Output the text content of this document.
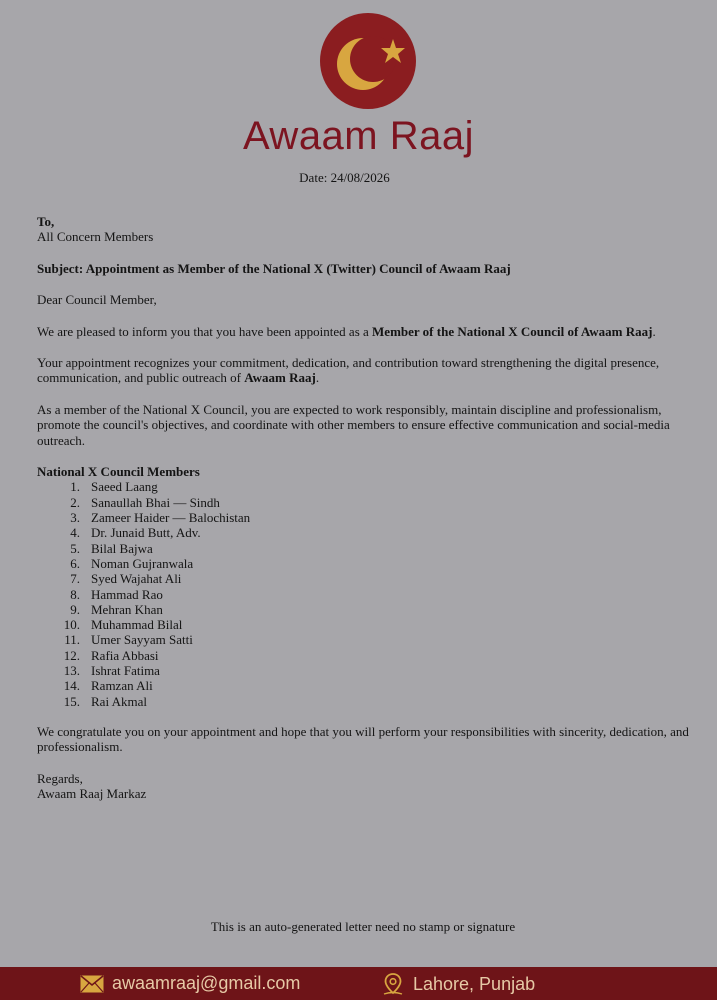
Awaam Raaj
Date: 24/08/2026

To,

All Concern Members

Subject: Appointment as Member of the National X (Twitter) Council of Awaam Raaj

Dear Council Member,

We are pleased to inform you that you have been appointed as a Member of the National X Council of Awaam Raaj.

Your appointment recognizes your commitment, dedication, and contribution toward strengthening the digital presence, communication, and public outreach of Awaam Raaj.

As a member of the National X Council, you are expected to work responsibly, maintain discipline and professionalism, promote the council's objectives, and coordinate with other members to ensure effective communication and social-media outreach.

National X Council Members

1. Saeed Laang
2. Sanaullah Bhai — Sindh
3. Zameer Haider — Balochistan
4. Dr. Junaid Butt, Adv.
5. Bilal Bajwa
6. Noman Gujranwala
7. Syed Wajahat Ali
8. Hammad Rao
9. Mehran Khan
10. Muhammad Bilal
11. Umer Sayyam Satti
12. Rafia Abbasi
13. Ishrat Fatima
14. Ramzan Ali
15. Rai Akmal

We congratulate you on your appointment and hope that you will perform your responsibilities with sincerity, dedication, and professionalism.

Regards,

Awaam Raaj Markaz

This is an auto-generated letter need no stamp or signature
awaamraaj@gmail.com	Lahore, Punjab
